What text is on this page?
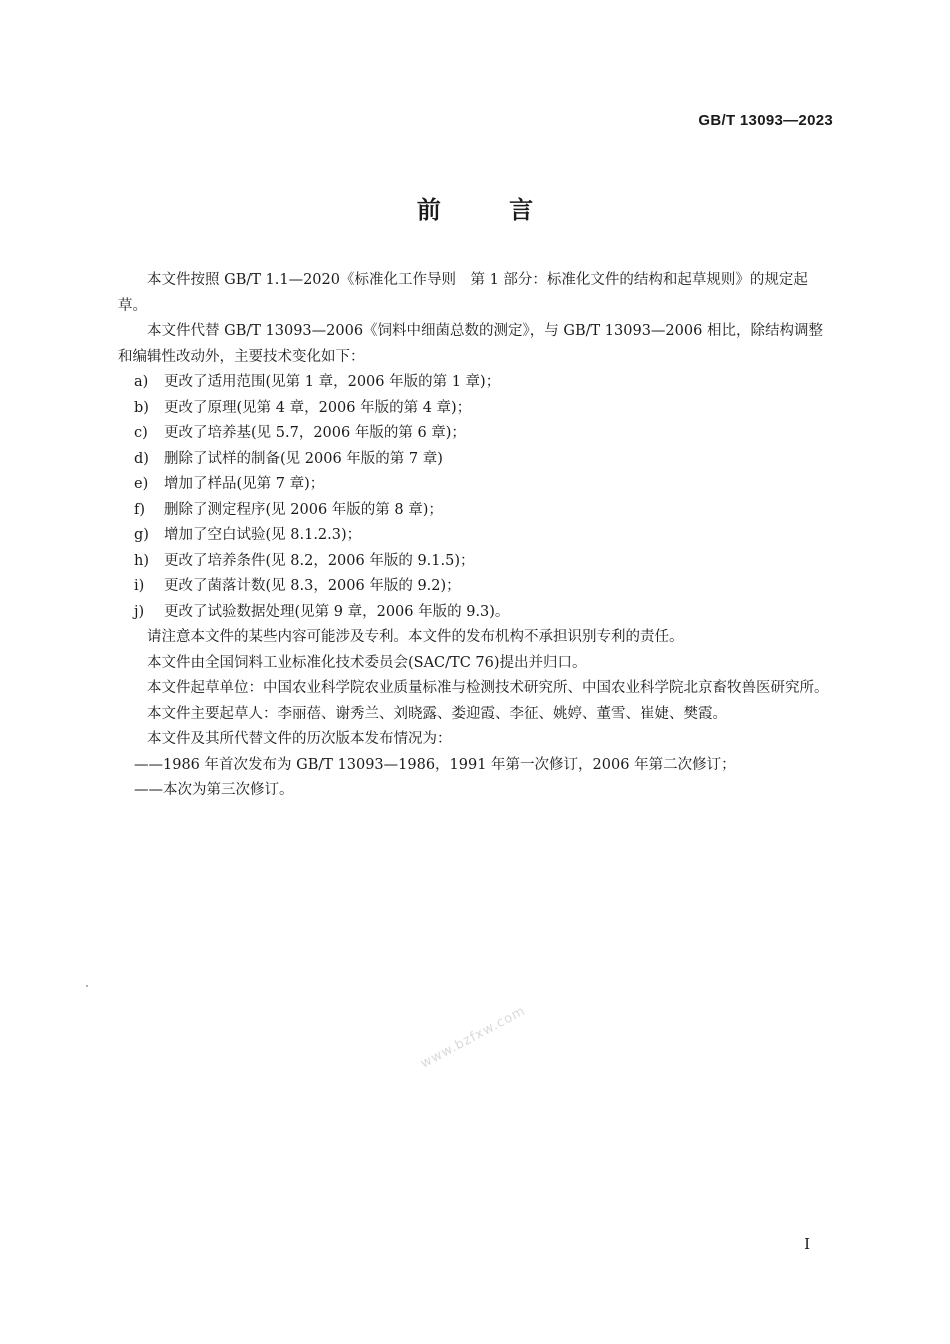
GB/T 13093—2023
前 言

本文件按照 GB/T 1.1—2020《标准化工作导则　第 1 部分：标准化文件的结构和起草规则》的规定起草。

本文件代替 GB/T 13093—2006《饲料中细菌总数的测定》，与 GB/T 13093—2006 相比，除结构调整和编辑性改动外，主要技术变化如下：

a)	更改了适用范围(见第 1 章，2006 年版的第 1 章)；
b)	更改了原理(见第 4 章，2006 年版的第 4 章)；
c)	更改了培养基(见 5.7，2006 年版的第 6 章)；
d)	删除了试样的制备(见 2006 年版的第 7 章)
e)	增加了样品(见第 7 章)；
f)	删除了测定程序(见 2006 年版的第 8 章)；
g)	增加了空白试验(见 8.1.2.3)；
h)	更改了培养条件(见 8.2，2006 年版的 9.1.5)；
i)	更改了菌落计数(见 8.3，2006 年版的 9.2)；
j)	更改了试验数据处理(见第 9 章，2006 年版的 9.3)。

请注意本文件的某些内容可能涉及专利。本文件的发布机构不承担识别专利的责任。

本文件由全国饲料工业标准化技术委员会(SAC/TC 76)提出并归口。

本文件起草单位：中国农业科学院农业质量标准与检测技术研究所、中国农业科学院北京畜牧兽医研究所。

本文件主要起草人：李丽蓓、谢秀兰、刘晓露、娄迎霞、李征、姚婷、董雪、崔婕、樊霞。

本文件及其所代替文件的历次版本发布情况为：

——1986 年首次发布为 GB/T 13093—1986，1991 年第一次修订，2006 年第二次修订；

——本次为第三次修订。

www.bzfxw.com
I
